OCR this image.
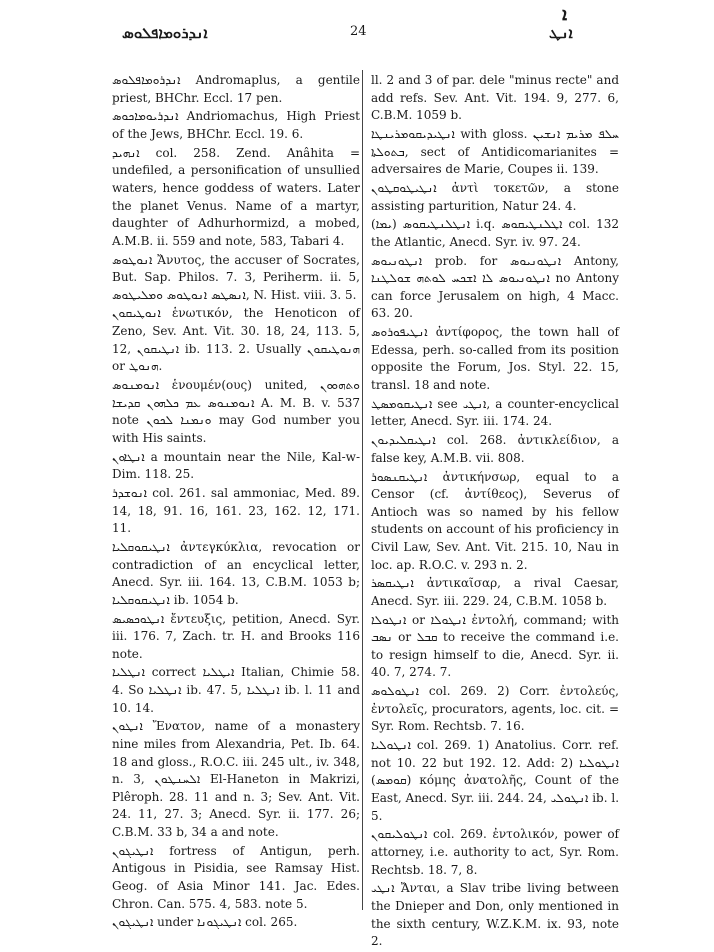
ܐ
ܐܢܕܪܘܡܐܦܠܘܣ	24	ܐܢܛ

ܐܢܕܪܘܡܐܦܠܘܣ Andromaplus, a gentile priest, BHChr. Eccl. 17 pen.

ܐܢܕܪܝܘܡܐܟܘܣ Andriomachus, High Priest of the Jews, BHChr. Eccl. 19. 6.

ܐܢܗܝܕ col. 258. Zend. Anâhita = undefiled, a personification of unsullied waters, hence goddess of waters. Later the planet Venus. Name of a martyr, daughter of Adhurhormizd, a mobed, A.M.B. ii. 559 and note, 583, Tabari 4.

ܐܢܘܛܘܣ Ἄνυτος, the accuser of Socrates, But. Sap. Philos. 7. 3, Periherm. ii. 5, ܐܢܣܛܣ ܐܢܘܛܘܣ ܘܡܠܝܛܘܣ, N. Hist. viii. 3. 5.

ܐܢܘܛܝܩܘܢ ἑνωτικόν, the Henoticon of Zeno, Sev. Ant. Vit. 30. 18, 24, 113. 5, 12, ܐܢܛܝܩܘܢ ib. 113. 2. Usually ܗܢܘܛܝܩܘܢ or ܗܢܘܛ.

ܐܢܘܡܢܘܣ ἑνουμέν(ους) united, ܘܬܗܘܘܢ ܐܢܘܡܢܘܣ ܥܡ ܟܠܗܘܢ ܩܕܝܫܐ A. M. B. v. 537 note ܘܢܡܢܐ ܠܟܘܢ may God number you with His saints.

ܐܢܛܐܘܢ a mountain near the Nile, Kal-w-Dim. 118. 25.

ܐܢܘܫܕܪ col. 261. sal ammoniac, Med. 89. 14, 18, 91. 16, 161. 23, 162. 12, 171. 11.

ܐܢܛܝܩܘܩܠܝܐ ἀντεγκύκλια, revocation or contradiction of an encyclical letter, Anecd. Syr. iii. 164. 13, C.B.M. 1053 b; ܐܢܛܝܩܘܩܠܝܐ ib. 1054 b.

ܐܢܛܘܟܣܝܣ ἔντευξις, petition, Anecd. Syr. iii. 176. 7, Zach. tr. H. and Brooks 116 note.

ܐܢܛܠܝܐ correct ܐܝܛܠܝܐ Italian, Chimie 58. 4. So ܐܢܛܠܝܐ ib. 47. 5, ܐܢܛܠܝܐ ib. l. 11 and 10. 14.

ܐܢܛܘܢ Ἔνατον, name of a monastery nine miles from Alexandria, Pet. Ib. 64. 18 and gloss., R.O.C. iii. 245 ult., iv. 348, n. 3, ܐܠܚܢܛܘܢ El-Haneton in Makrizi, Plêroph. 28. 11 and n. 3; Sev. Ant. Vit. 24. 11, 27. 3; Anecd. Syr. ii. 177. 26; C.B.M. 33 b, 34 a and note.

ܐܢܛܝܓܘܢ fortress of Antigun, perh. Antigous in Pisidia, see Ramsay Hist. Geog. of Asia Minor 141. Jac. Edes. Chron. Can. 575. 4, 583. note 5.

ܐܢܛܝܓܘܢ under ܐܢܛܝܓܘܢܐ col. 265.

ll. 2 and 3 of par. dele "minus recte" and add refs. Sev. Ant. Vit. 194. 9, 277. 6, C.B.M. 1059 b.

ܐܢܛܝܕܝܩܘܡܪܝܢܛܐ with gloss. ܚܠܦ ܡܪܝܡ ܐܢܫܝܢ ܒܬܘܠܬܐ, sect of Antidicomarianites = adversaires de Marie, Coupes ii. 139.

ܐܢܛܝܛܘܩܛܘܢ ἀντὶ τοκετῶν, a stone assisting parturition, Natur 24. 4.

ܐܢܛܠܢܛܝܩܘܣ (ܝܡܐ) i.q. ܐܛܠܢܛܝܩܘܣ col. 132 the Atlantic, Anecd. Syr. iv. 97. 24.

ܐܢܛܘܢܝܘܣ prob. for ܐܢܛܘܢܝܘܣ Antony, ܐܢܛܘܢܝܘܣ ܠܐ ܐܫܟܚ ܠܘܬܗ ܫܘܠܛܢܐ no Antony can force Jerusalem on high, 4 Macc. 63. 20.

ܐܢܛܝܦܘܪܘܣ ἀντίφορος, the town hall of Edessa, perh. so-called from its position opposite the Forum, Jos. Styl. 22. 15, transl. 18 and note.

ܐܢܛܝܩܘܡܣܛ see ܐܢܛܝ, a counter-encyclical letter, Anecd. Syr. iii. 174. 24.

ܐܢܛܝܩܠܝܕܝܘܢ col. 268. ἀντικλείδιον, a false key, A.M.B. vii. 808.

ܐܢܛܝܩܢܣܘܪ ἀντικήνσωρ, equal to a Censor (cf. ἀντίθεος), Severus of Antioch was so named by his fellow students on account of his proficiency in Civil Law, Sev. Ant. Vit. 215. 10, Nau in loc. ap. R.O.C. v. 293 n. 2.

ܐܢܛܝܩܣܪ ἀντικαῖσαρ, a rival Caesar, Anecd. Syr. iii. 229. 24, C.B.M. 1058 b.

ܐܢܛܘܠܐ or ܐܢܛܘܠܐ ἐντολή, command; with ܢܣܒ or ܩܒܠ to receive the command i.e. to resign himself to die, Anecd. Syr. ii. 40. 7, 274. 7.

ܐܢܛܘܠܘܣ col. 269. 2) Corr. ἐντολεύς, ἐντολεῖς, procurators, agents, loc. cit. = Syr. Rom. Rechtsb. 7. 16.

ܐܢܛܘܠܝܐ col. 269. 1) Anatolius. Corr. ref. not 10. 22 but 192. 12. Add: 2) ܐܢܛܘܠܝܐ (ܩܘܡܣ) κόμης ἀνατολῆς, Count of the East, Anecd. Syr. iii. 244. 24, ܐܢܛܘܠܝ ib. l. 5.

ܐܢܛܘܠܝܩܘܢ col. 269. ἐντολικόν, power of attorney, i.e. authority to act, Syr. Rom. Rechtsb. 18. 7, 8.

ܐܢܛܝ Ἄνται, a Slav tribe living between the Dnieper and Don, only mentioned in the sixth century, W.Z.K.M. ix. 93, note 2.
